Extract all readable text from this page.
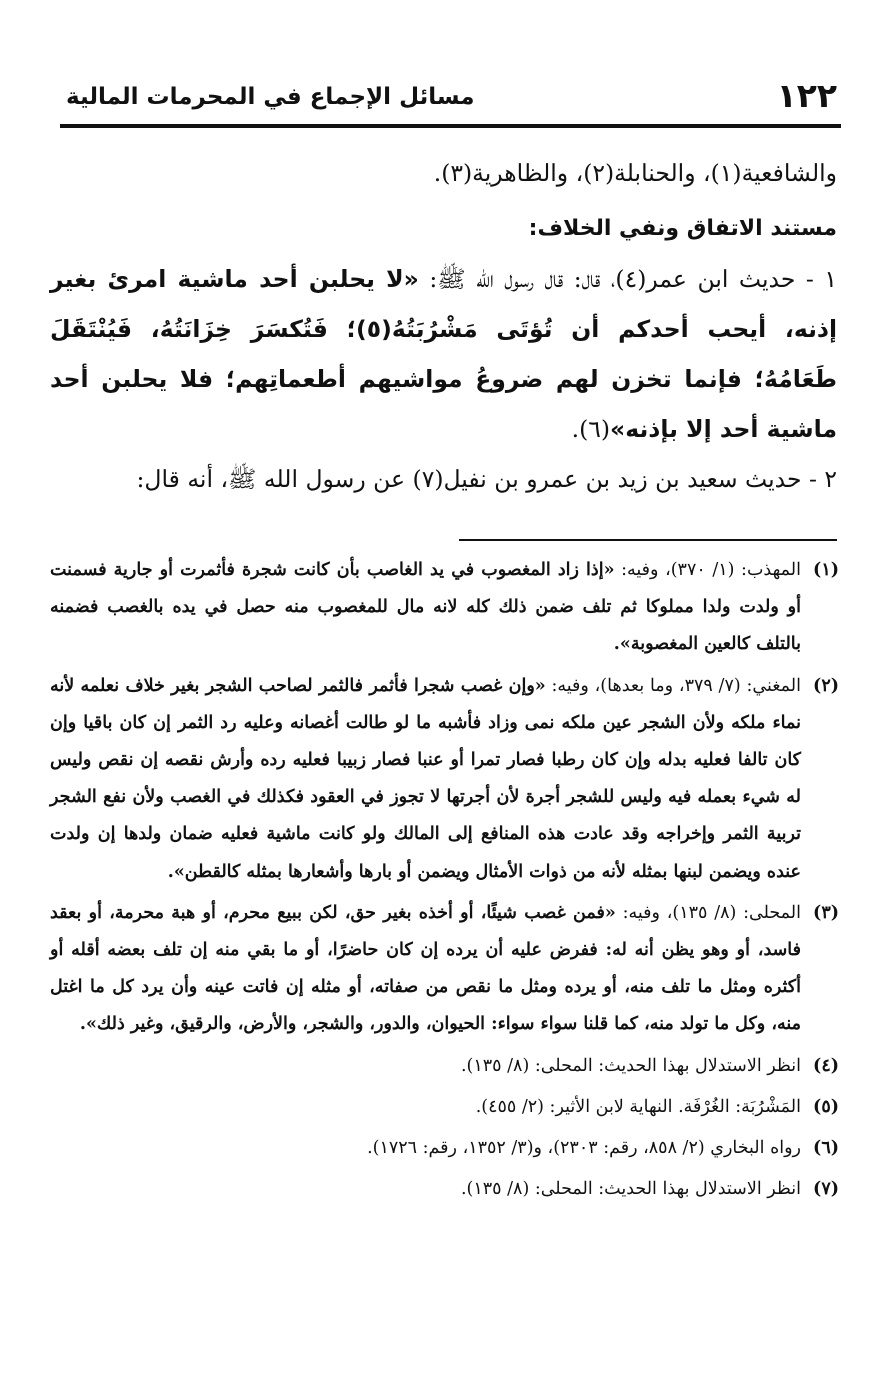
١٢٢
مسائل الإجماع في المحرمات المالية

والشافعية(١)، والحنابلة(٢)، والظاهرية(٣).

مستند الاتفاق ونفي الخلاف:

١ - حديث ابن عمر(٤)، قال: قال رسول الله ﷺ: «لا يحلبن أحد ماشية امرئ بغير إذنه، أيحب أحدكم أن تُؤتَى مَشْرُبَتُهُ(٥)؛ فَتُكسَرَ خِزَانَتُهُ، فَيُنْتَقَلَ طَعَامُهُ؛ فإنما تخزن لهم ضروعُ مواشيهم أطعماتِهم؛ فلا يحلبن أحد ماشية أحد إلا بإذنه»(٦).

٢ - حديث سعيد بن زيد بن عمرو بن نفيل(٧) عن رسول الله ﷺ، أنه قال:

(١)

المهذب: (١/ ٣٧٠)، وفيه: «إذا زاد المغصوب في يد الغاصب بأن كانت شجرة فأثمرت أو جارية فسمنت أو ولدت ولدا مملوكا ثم تلف ضمن ذلك كله لانه مال للمغصوب منه حصل في يده بالغصب فضمنه بالتلف كالعين المغصوبة».

(٢)

المغني: (٧/ ٣٧٩، وما بعدها)، وفيه: «وإن غصب شجرا فأثمر فالثمر لصاحب الشجر بغير خلاف نعلمه لأنه نماء ملكه ولأن الشجر عين ملكه نمى وزاد فأشبه ما لو طالت أغصانه وعليه رد الثمر إن كان باقيا وإن كان تالفا فعليه بدله وإن كان رطبا فصار تمرا أو عنبا فصار زبيبا فعليه رده وأرش نقصه إن نقص وليس له شيء بعمله فيه وليس للشجر أجرة لأن أجرتها لا تجوز في العقود فكذلك في الغصب ولأن نفع الشجر تربية الثمر وإخراجه وقد عادت هذه المنافع إلى المالك ولو كانت ماشية فعليه ضمان ولدها إن ولدت عنده ويضمن لبنها بمثله لأنه من ذوات الأمثال ويضمن أو بارها وأشعارها بمثله كالقطن».

(٣)

المحلى: (٨/ ١٣٥)، وفيه: «فمن غصب شيئًا، أو أخذه بغير حق، لكن ببيع محرم، أو هبة محرمة، أو بعقد فاسد، أو وهو يظن أنه له: ففرض عليه أن يرده إن كان حاضرًا، أو ما بقي منه إن تلف بعضه أقله أو أكثره ومثل ما تلف منه، أو يرده ومثل ما نقص من صفاته، أو مثله إن فاتت عينه وأن يرد كل ما اغتل منه، وكل ما تولد منه، كما قلنا سواء سواء: الحيوان، والدور، والشجر، والأرض، والرقيق، وغير ذلك».

(٤)

انظر الاستدلال بهذا الحديث: المحلى: (٨/ ١٣٥).

(٥)

المَشْرُبَة: الغُرْفَة. النهاية لابن الأثير: (٢/ ٤٥٥).

(٦)

رواه البخاري (٢/ ٨٥٨، رقم: ٢٣٠٣)، و(٣/ ١٣٥٢، رقم: ١٧٢٦).

(٧)

انظر الاستدلال بهذا الحديث: المحلى: (٨/ ١٣٥).
